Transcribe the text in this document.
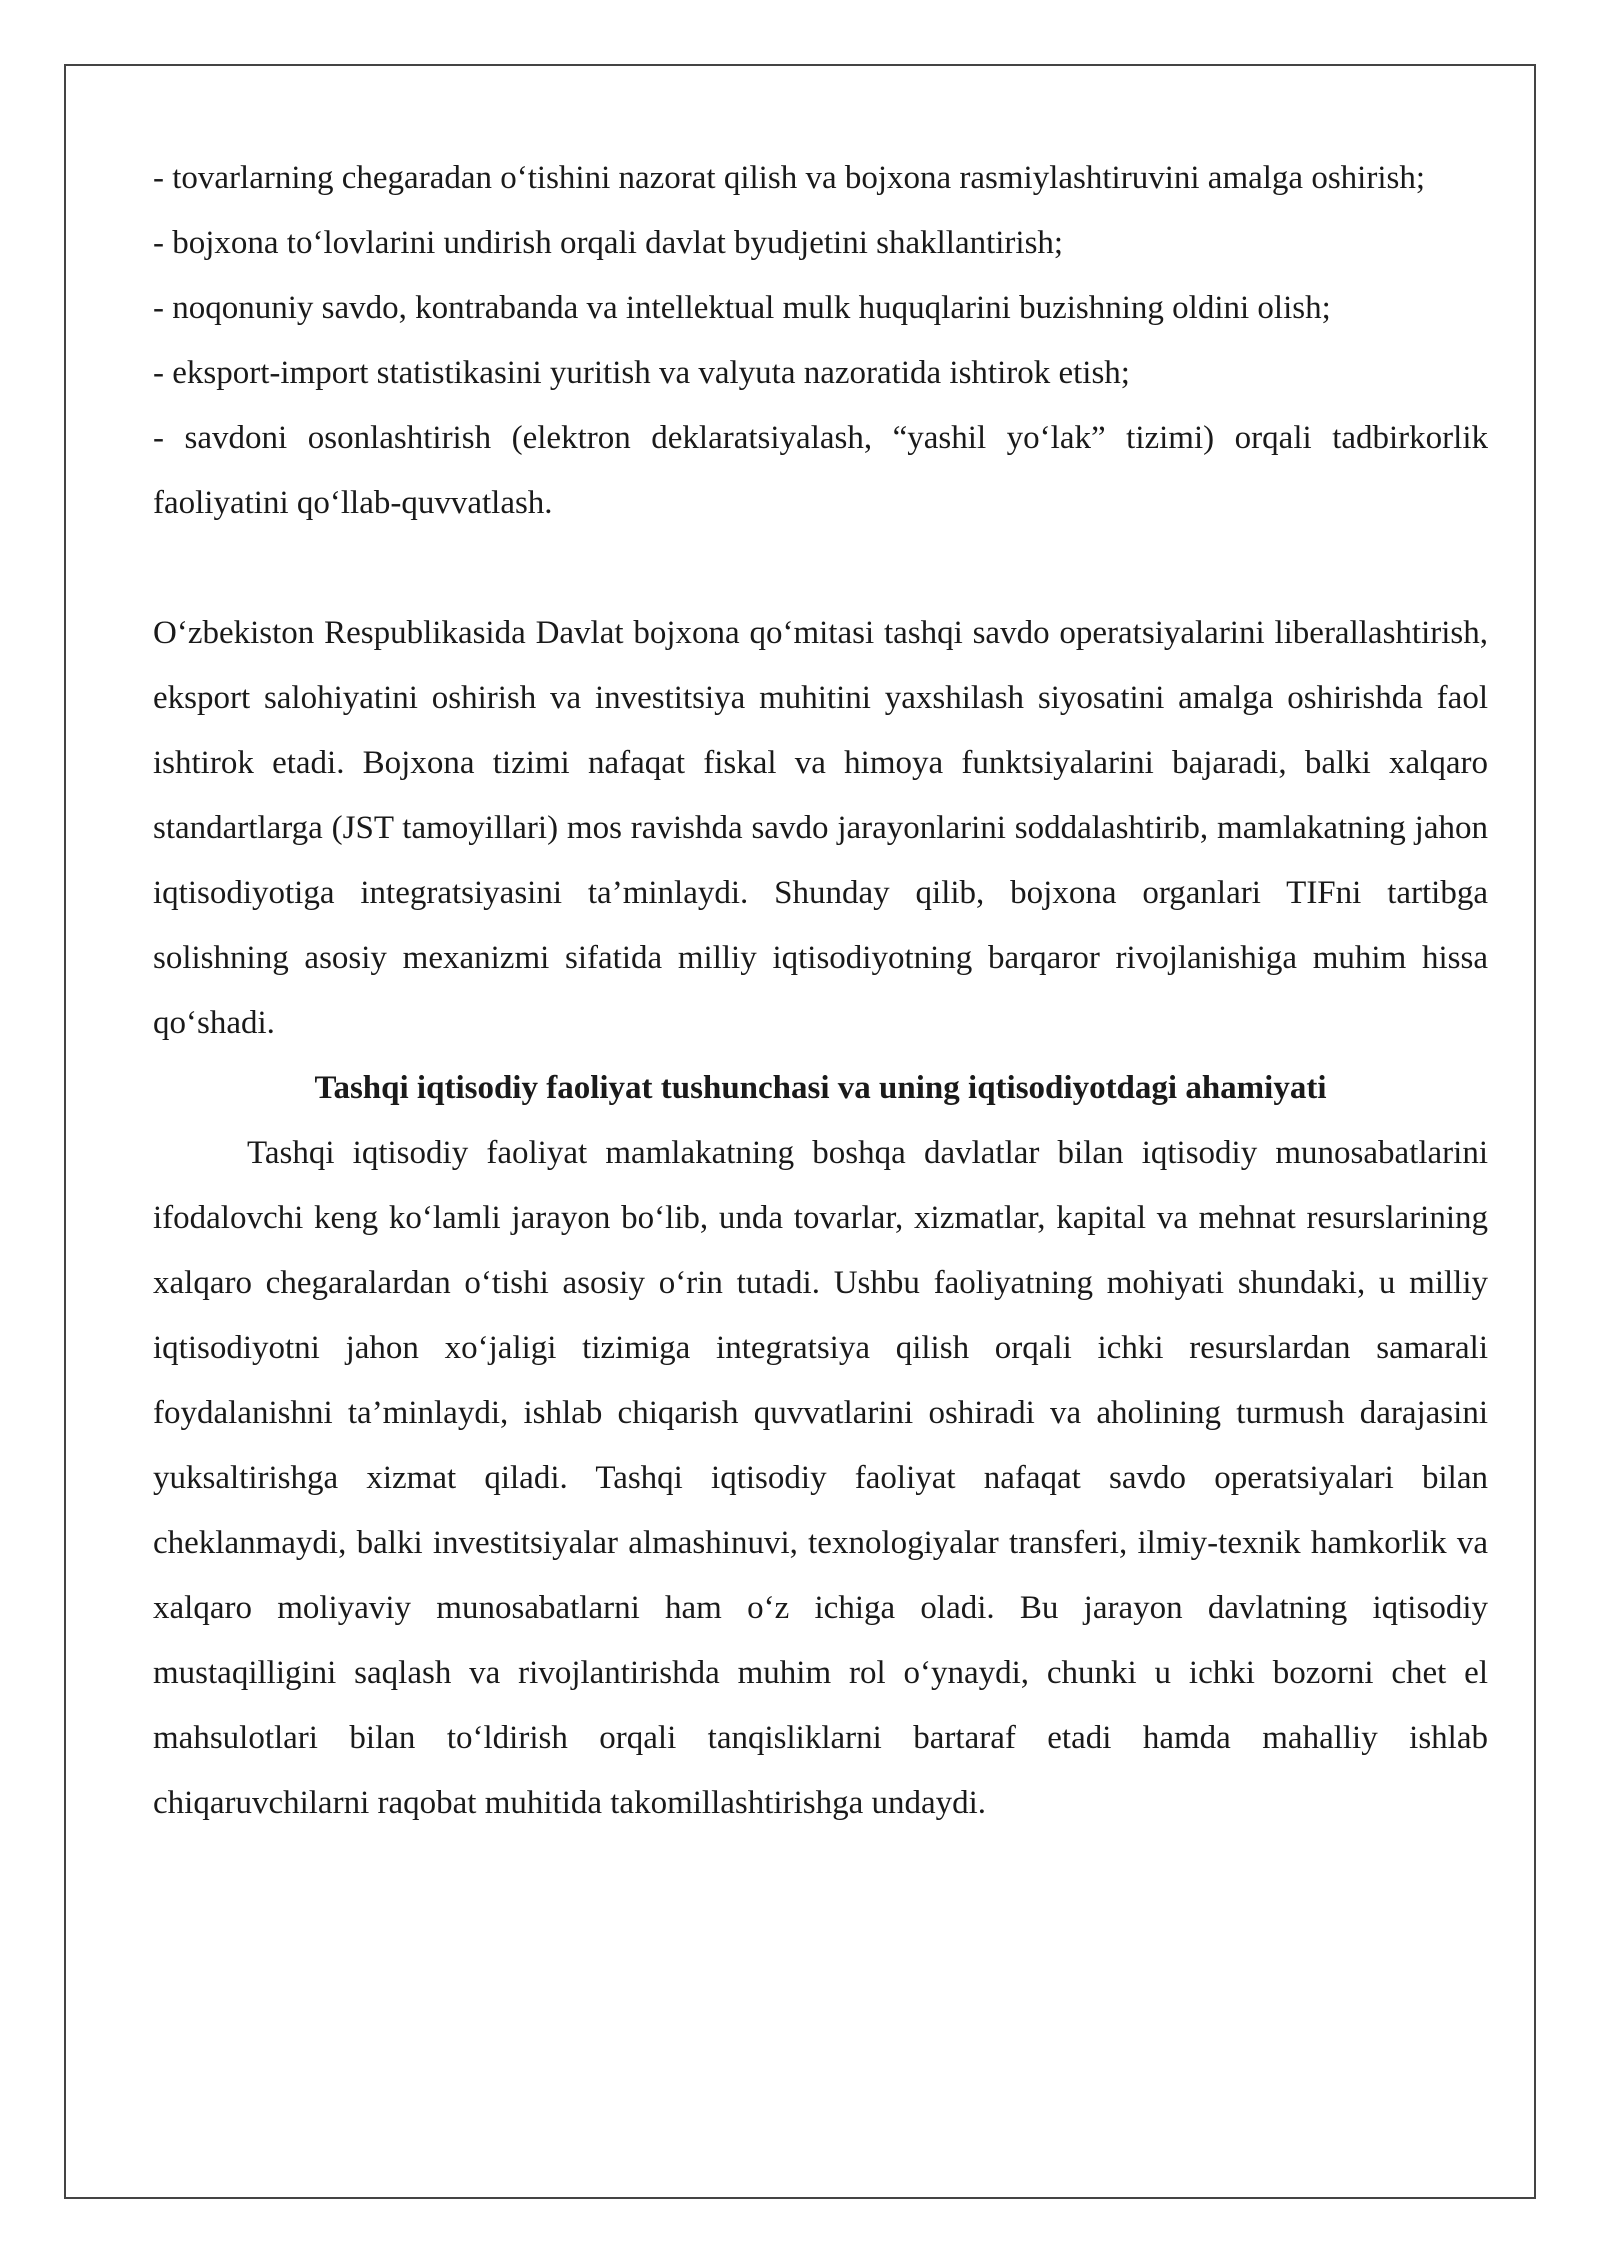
- tovarlarning chegaradan o‘tishini nazorat qilish va bojxona rasmiylashtiruvini amalga oshirish;

- bojxona to‘lovlarini undirish orqali davlat byudjetini shakllantirish;

- noqonuniy savdo, kontrabanda va intellektual mulk huquqlarini buzishning oldini olish;

- eksport-import statistikasini yuritish va valyuta nazoratida ishtirok etish;

- savdoni osonlashtirish (elektron deklaratsiyalash, “yashil yo‘lak” tizimi) orqali tadbirkorlik faoliyatini qo‘llab-quvvatlash.

O‘zbekiston Respublikasida Davlat bojxona qo‘mitasi tashqi savdo operatsiyalarini liberallashtirish, eksport salohiyatini oshirish va investitsiya muhitini yaxshilash siyosatini amalga oshirishda faol ishtirok etadi. Bojxona tizimi nafaqat fiskal va himoya funktsiyalarini bajaradi, balki xalqaro standartlarga (JST tamoyillari) mos ravishda savdo jarayonlarini soddalashtirib, mamlakatning jahon iqtisodiyotiga integratsiyasini ta’minlaydi. Shunday qilib, bojxona organlari TIFni tartibga solishning asosiy mexanizmi sifatida milliy iqtisodiyotning barqaror rivojlanishiga muhim hissa qo‘shadi.

Tashqi iqtisodiy faoliyat tushunchasi va uning iqtisodiyotdagi ahamiyati

Tashqi iqtisodiy faoliyat mamlakatning boshqa davlatlar bilan iqtisodiy munosabatlarini ifodalovchi keng ko‘lamli jarayon bo‘lib, unda tovarlar, xizmatlar, kapital va mehnat resurslarining xalqaro chegaralardan o‘tishi asosiy o‘rin tutadi. Ushbu faoliyatning mohiyati shundaki, u milliy iqtisodiyotni jahon xo‘jaligi tizimiga integratsiya qilish orqali ichki resurslardan samarali foydalanishni ta’minlaydi, ishlab chiqarish quvvatlarini oshiradi va aholining turmush darajasini yuksaltirishga xizmat qiladi. Tashqi iqtisodiy faoliyat nafaqat savdo operatsiyalari bilan cheklanmaydi, balki investitsiyalar almashinuvi, texnologiyalar transferi, ilmiy-texnik hamkorlik va xalqaro moliyaviy munosabatlarni ham o‘z ichiga oladi. Bu jarayon davlatning iqtisodiy mustaqilligini saqlash va rivojlantirishda muhim rol o‘ynaydi, chunki u ichki bozorni chet el mahsulotlari bilan to‘ldirish orqali tanqisliklarni bartaraf etadi hamda mahalliy ishlab chiqaruvchilarni raqobat muhitida takomillashtirishga undaydi.
